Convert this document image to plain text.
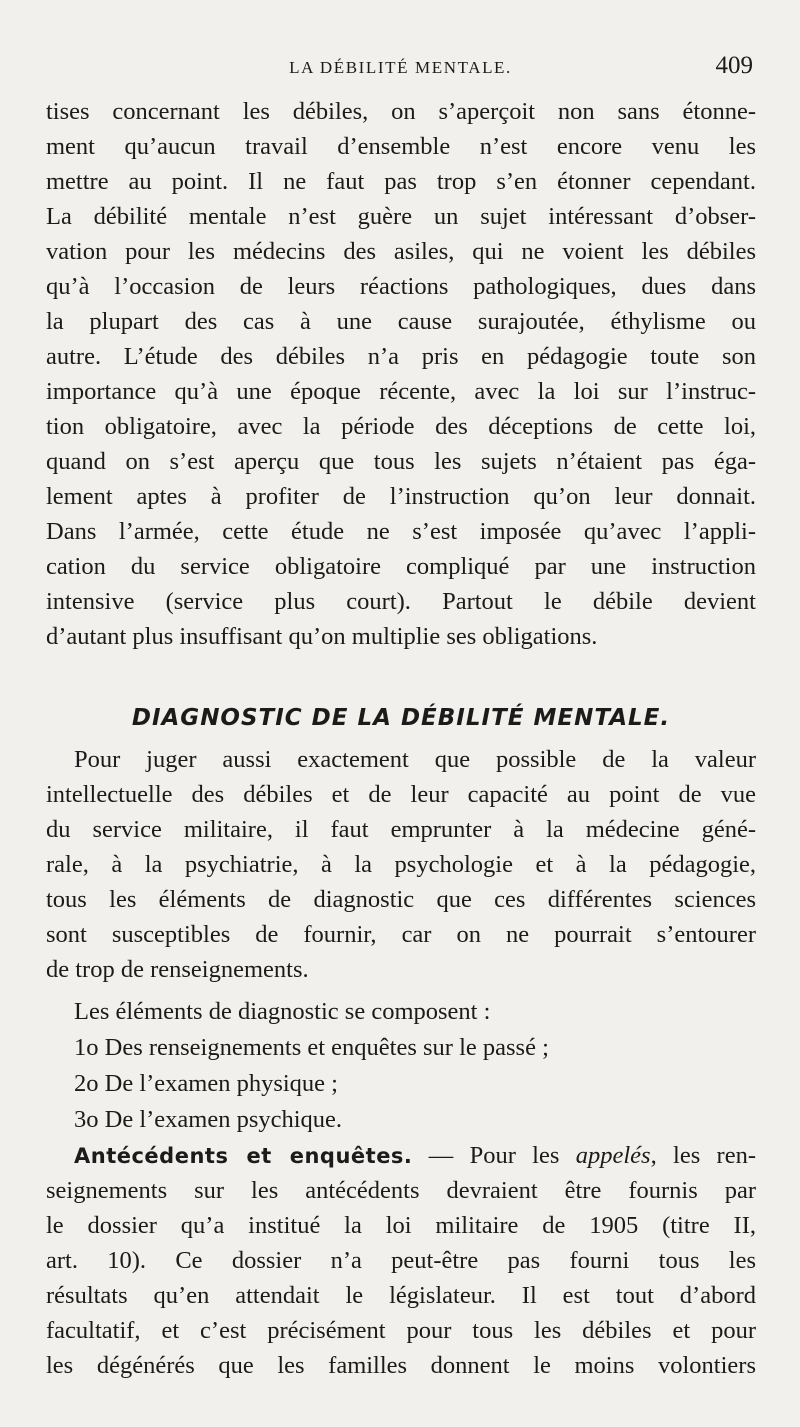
LA DÉBILITÉ MENTALE.	409
tises concernant les débiles, on s’aperçoit non sans étonne-
ment qu’aucun travail d’ensemble n’est encore venu les
mettre au point. Il ne faut pas trop s’en étonner cependant.
La débilité mentale n’est guère un sujet intéressant d’obser-
vation pour les médecins des asiles, qui ne voient les débiles
qu’à l’occasion de leurs réactions pathologiques, dues dans
la plupart des cas à une cause surajoutée, éthylisme ou
autre. L’étude des débiles n’a pris en pédagogie toute son
importance qu’à une époque récente, avec la loi sur l’instruc-
tion obligatoire, avec la période des déceptions de cette loi,
quand on s’est aperçu que tous les sujets n’étaient pas éga-
lement aptes à profiter de l’instruction qu’on leur donnait.
Dans l’armée, cette étude ne s’est imposée qu’avec l’appli-
cation du service obligatoire compliqué par une instruction
intensive (service plus court). Partout le débile devient
d’autant plus insuffisant qu’on multiplie ses obligations.
DIAGNOSTIC DE LA DÉBILITÉ MENTALE.
Pour juger aussi exactement que possible de la valeur
intellectuelle des débiles et de leur capacité au point de vue
du service militaire, il faut emprunter à la médecine géné-
rale, à la psychiatrie, à la psychologie et à la pédagogie,
tous les éléments de diagnostic que ces différentes sciences
sont susceptibles de fournir, car on ne pourrait s’entourer
de trop de renseignements.
Les éléments de diagnostic se composent :
1o Des renseignements et enquêtes sur le passé ;
2o De l’examen physique ;
3o De l’examen psychique.
Antécédents et enquêtes. — Pour les appelés, les ren-
seignements sur les antécédents devraient être fournis par
le dossier qu’a institué la loi militaire de 1905 (titre II,
art. 10). Ce dossier n’a peut-être pas fourni tous les
résultats qu’en attendait le législateur. Il est tout d’abord
facultatif, et c’est précisément pour tous les débiles et pour
les dégénérés que les familles donnent le moins volontiers
